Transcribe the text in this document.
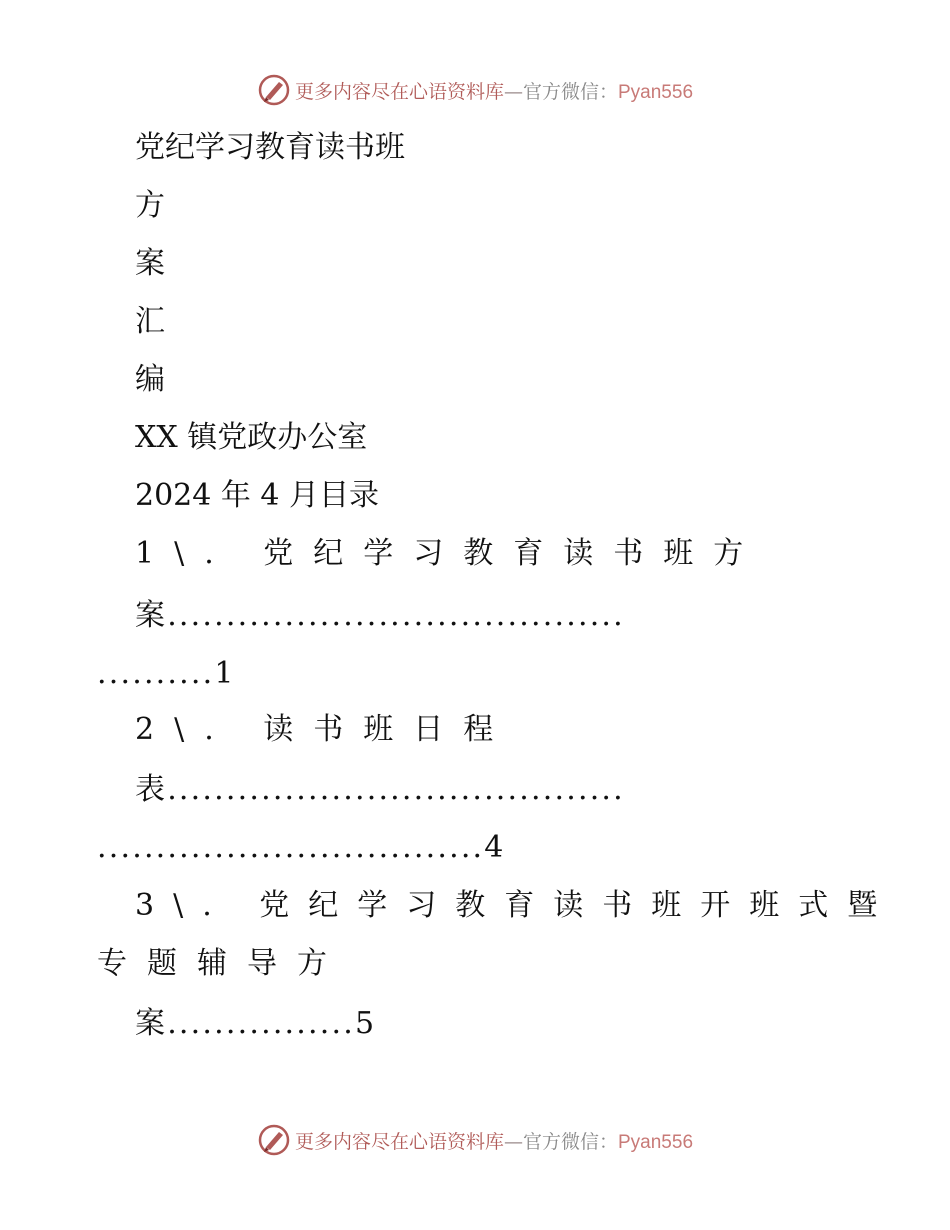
更多内容尽在心语资料库—官方微信：Pyan556
党纪学习教育读书班
方
案
汇
编
XX 镇党政办公室
2024 年 4 月目录
1\. 党纪学习教育读书班方
案.......................................
..........1
2\. 读书班日程
表.......................................
.................................4
3\. 党纪学习教育读书班开班式暨
专题辅导方
案................5
更多内容尽在心语资料库—官方微信：Pyan556
